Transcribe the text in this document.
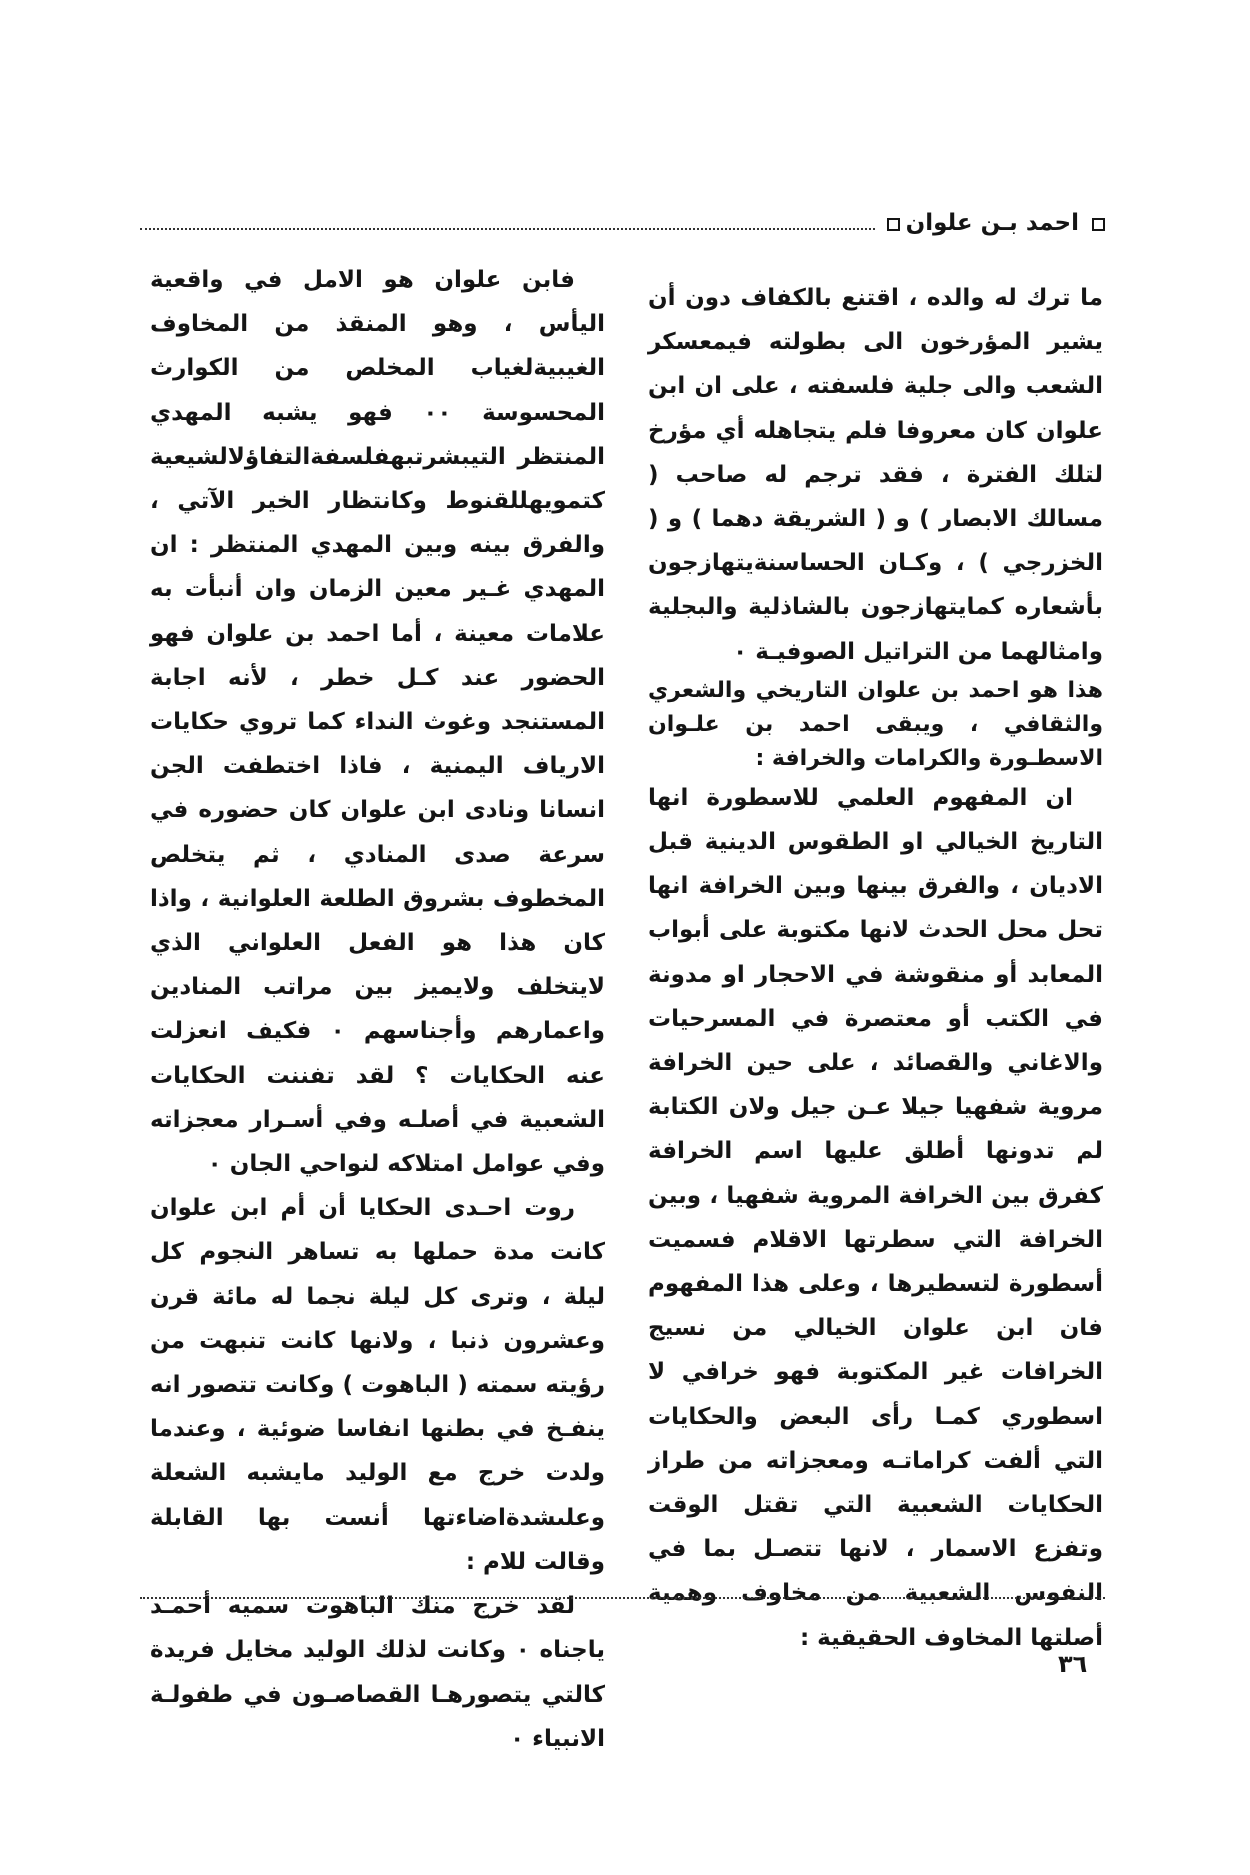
احمد بـن علوان

ما ترك له والده ، اقتنع بالكفاف دون أن يشير المؤرخون الى بطولته فيمعسكر الشعب والى جلية فلسفته ، على ان ابن علوان كان معروفا فلم يتجاهله أي مؤرخ لتلك الفترة ، فقد ترجم له صاحب ( مسالك الابصار ) و ( الشريقة دهما ) و ( الخزرجي ) ، وكـان الحساسنةيتهازجون بأشعاره كمايتهازجون بالشاذلية والبجلية وامثالهما من التراتيل الصوفيـة ٠

هذا هو احمد بن علوان التاريخي والشعري والثقافي ، ويبقى احمد بن علـوان الاسطـورة والكرامات والخرافة :

ان المفهوم العلمي للاسطورة انها التاريخ الخيالي او الطقوس الدينية قبل الاديان ، والفرق بينها وبين الخرافة انها تحل محل الحدث لانها مكتوبة على أبواب المعابد أو منقوشة في الاحجار او مدونة في الكتب أو معتصرة في المسرحيات والاغاني والقصائد ، على حين الخرافة مروية شفهيا جيلا عـن جيل ولان الكتابة لم تدونها أطلق عليها اسم الخرافة كفرق بين الخرافة المروية شفهيا ، وبين الخرافة التي سطرتها الاقلام فسميت أسطورة لتسطيرها ، وعلى هذا المفهوم فان ابن علوان الخيالي من نسيج الخرافات غير المكتوبة فهو خرافي لا اسطوري كمـا رأى البعض والحكايات التي ألفت كراماتـه ومعجزاته من طراز الحكايات الشعبية التي تقتل الوقت وتفزع الاسمار ، لانها تتصـل بما في النفوس الشعبية من مخاوف وهمية أصلتها المخاوف الحقيقية :

فابن علوان هو الامل في واقعية اليأس ، وهو المنقذ من المخاوف الغيبيةلغياب المخلص من الكوارث المحسوسة ٠٠ فهو يشبه المهدي المنتظر التيبشرتبهفلسفةالتفاؤلالشيعية كتمويهللقنوط وكانتظار الخير الآتي ، والفرق بينه وبين المهدي المنتظر : ان المهدي غـير معين الزمان وان أنبأت به علامات معينة ، أما احمد بن علوان فهو الحضور عند كـل خطر ، لأنه اجابة المستنجد وغوث النداء كما تروي حكايات الارياف اليمنية ، فاذا اختطفت الجن انسانا ونادى ابن علوان كان حضوره في سرعة صدى المنادي ، ثم يتخلص المخطوف بشروق الطلعة العلوانية ، واذا كان هذا هو الفعل العلواني الذي لايتخلف ولايميز بين مراتب المنادين واعمارهم وأجناسهم ٠ فكيف انعزلت عنه الحكايات ؟ لقد تفننت الحكايات الشعبية في أصلـه وفي أسـرار معجزاته وفي عوامل امتلاكه لنواحي الجان ٠

روت احـدى الحكايا أن أم ابن علوان كانت مدة حملها به تساهر النجوم كل ليلة ، وترى كل ليلة نجما له مائة قرن وعشرون ذنبا ، ولانها كانت تنبهت من رؤيته سمته ( الباهوت ) وكانت تتصور انه ينفـخ في بطنها انفاسا ضوئية ، وعندما ولدت خرج مع الوليد مايشبه الشعلة وعلىشدةاضاءتها أنست بها القابلة وقالت للام :

لقد خرج منك الباهوت سميه أحمـد ياجناه ٠ وكانت لذلك الوليد مخايل فريدة كالتي يتصورهـا القصاصـون في طفولـة الانبياء ٠

٣٦
